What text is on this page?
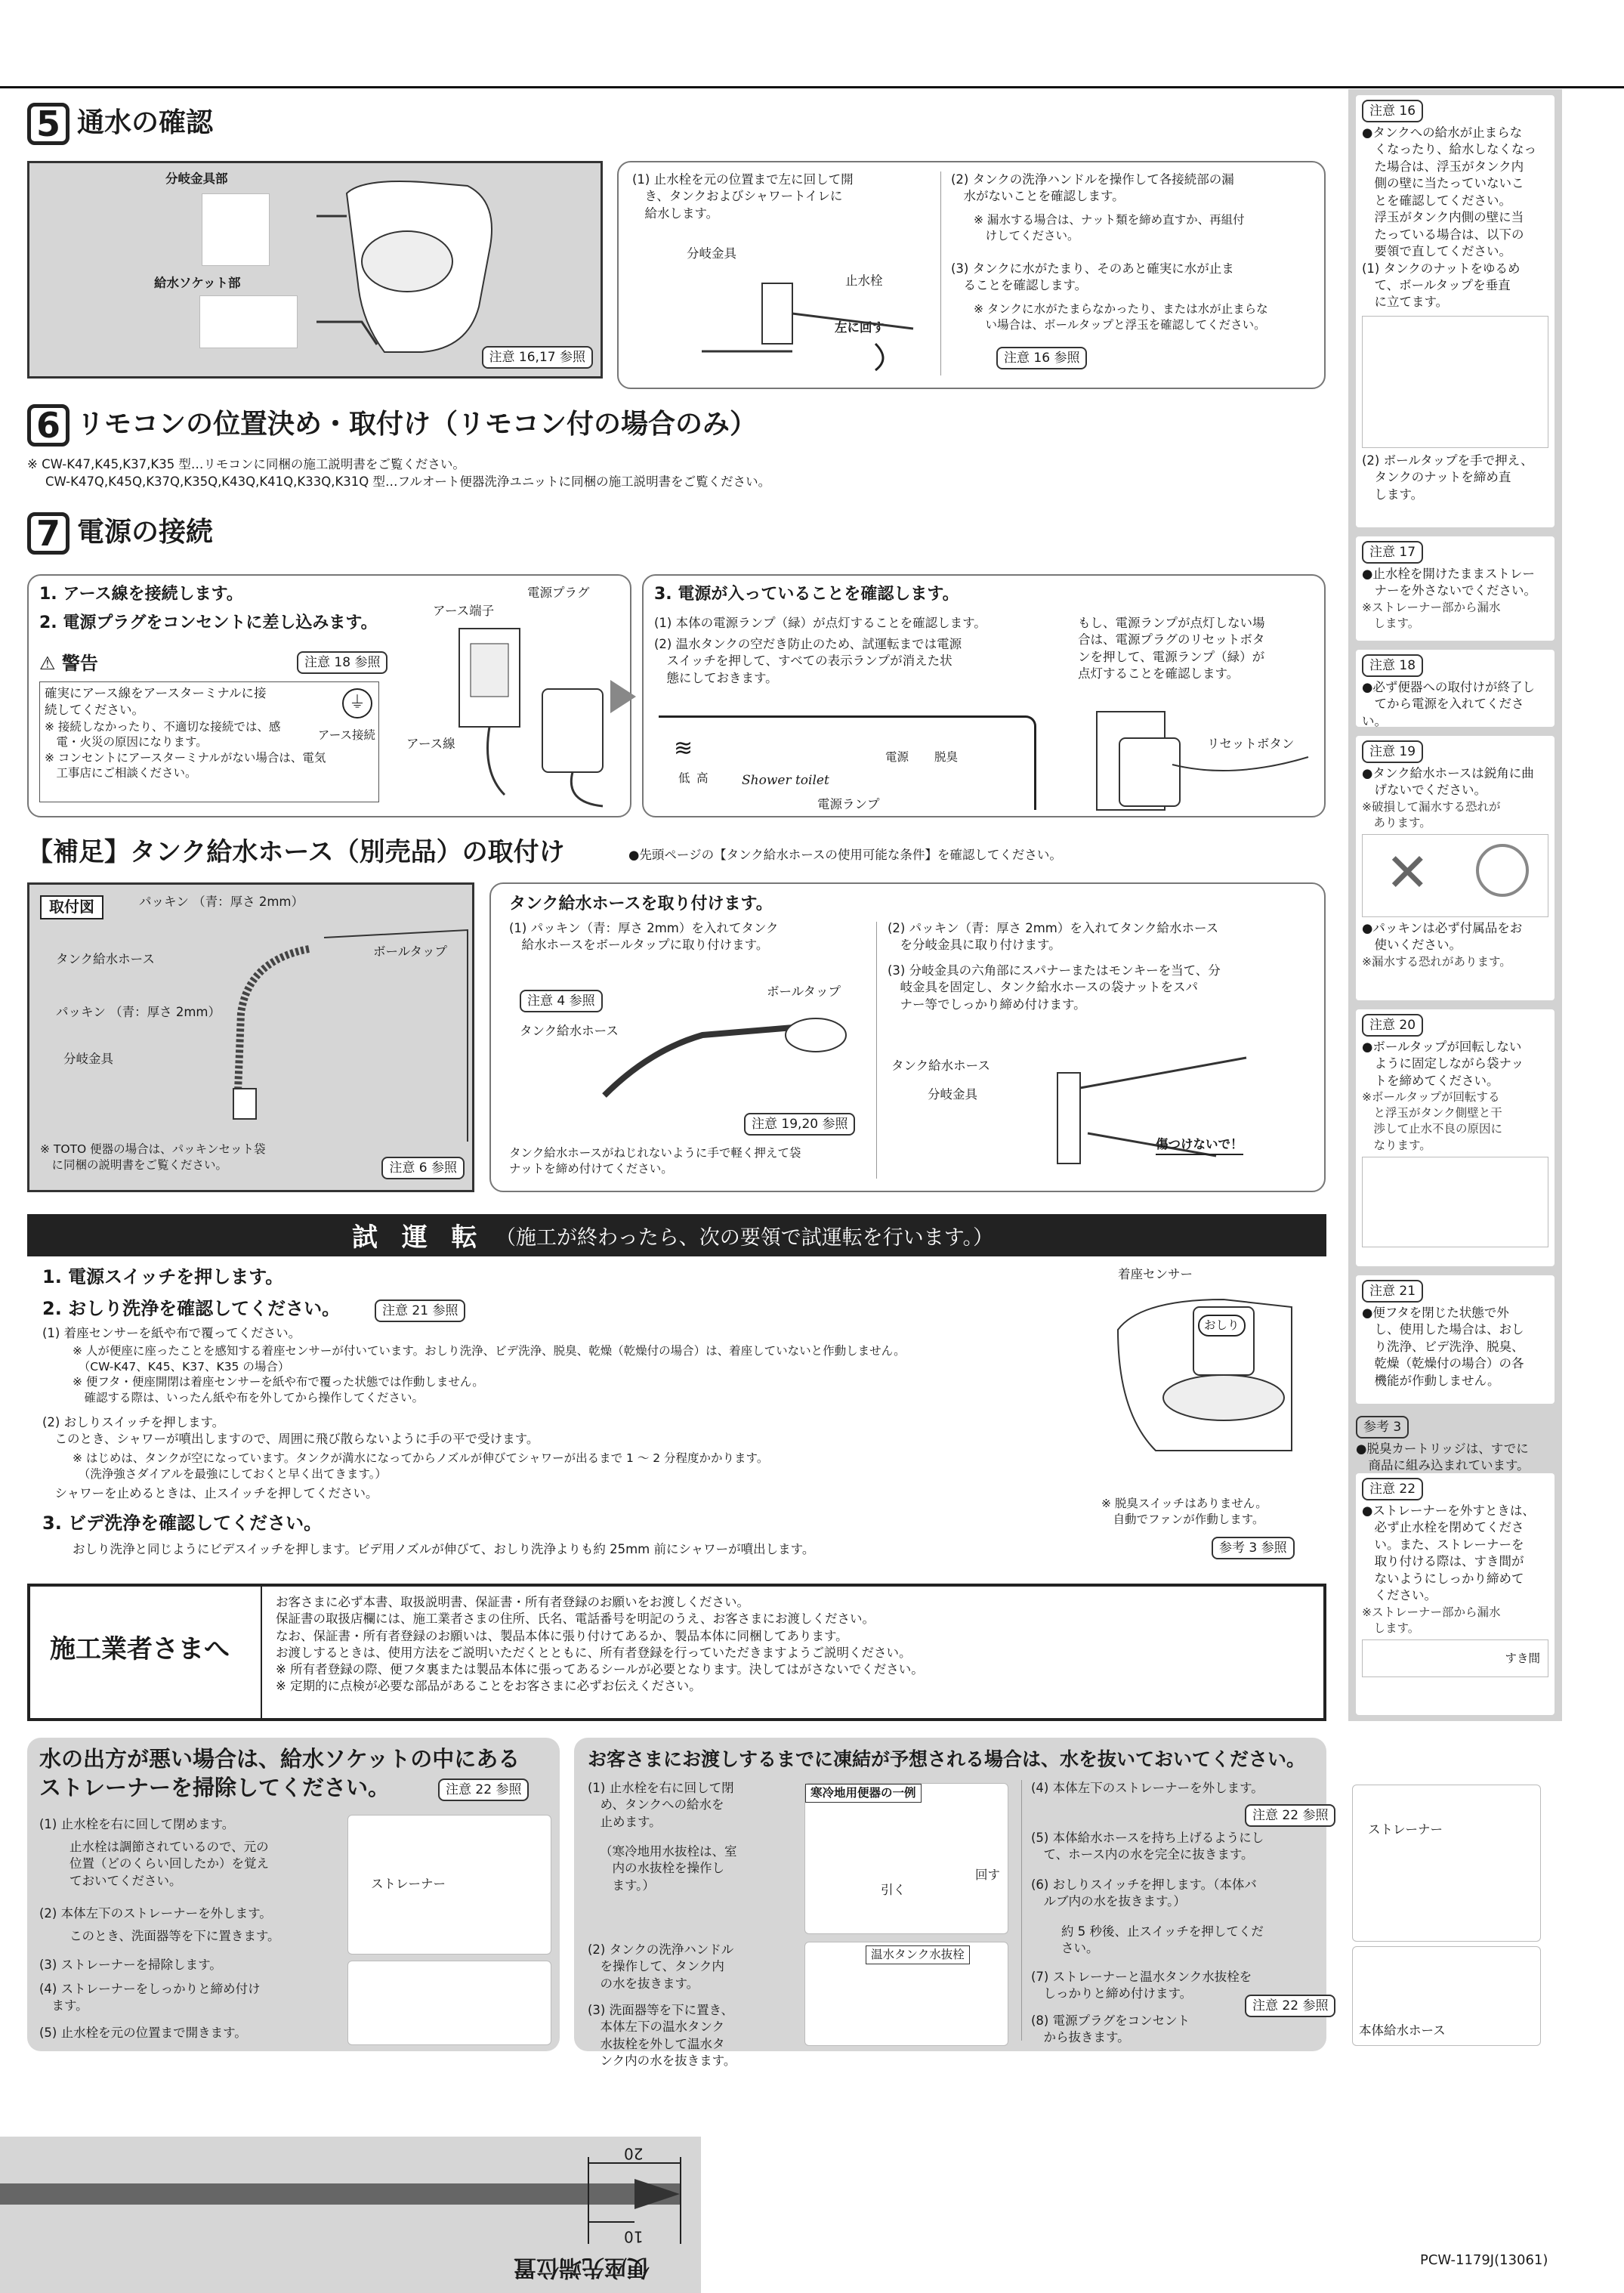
5 通水の確認
分岐金具部
給水ソケット部
注意 16,17 参照
(1) 止水栓を元の位置まで左に回して開
　き、タンクおよびシャワートイレに
　給水します。
(2) タンクの洗浄ハンドルを操作して各接続部の漏
　水がないことを確認します。
※ 漏水する場合は、ナット類を締め直すか、再組付
　けしてください。
(3) タンクに水がたまり、そのあと確実に水が止ま
　ることを確認します。
※ タンクに水がたまらなかったり、または水が止まらな
　い場合は、ボールタップと浮玉を確認してください。
分岐金具
止水栓
左に回す
注意 16 参照
6 リモコンの位置決め・取付け（リモコン付の場合のみ）
※ CW-K47,K45,K37,K35 型…リモコンに同梱の施工説明書をご覧ください。
CW-K47Q,K45Q,K37Q,K35Q,K43Q,K41Q,K33Q,K31Q 型…フルオート便器洗浄ユニットに同梱の施工説明書をご覧ください。
7 電源の接続
1. アース線を接続します。
2. 電源プラグをコンセントに差し込みます。
注意 18 参照
⚠ 警告
確実にアース線をアースターミナルに接
続してください。
※ 接続しなかったり、不適切な接続では、感
　電・火災の原因になります。
※ コンセントにアースターミナルがない場合は、電気
　工事店にご相談ください。
⏚
アース接続
アース端子
電源プラグ
アース線
3. 電源が入っていることを確認します。
(1) 本体の電源ランプ（緑）が点灯することを確認します。
(2) 温水タンクの空だき防止のため、試運転までは電源
　スイッチを押して、すべての表示ランプが消えた状
　態にしておきます。
もし、電源ランプが点灯しない場
合は、電源プラグのリセットボタ
ンを押して、電源ランプ（緑）が
点灯することを確認します。
≋
低 高	Shower toilet
電源 脱臭
電源ランプ
リセットボタン
【補足】タンク給水ホース（別売品）の取付け	●先頭ページの【タンク給水ホースの使用可能な条件】を確認してください。
取付図	パッキン （青：厚さ 2mm）
タンク給水ホース
ボールタップ
パッキン （青：厚さ 2mm）
分岐金具
※ TOTO 便器の場合は、パッキンセット袋
　に同梱の説明書をご覧ください。	注意 6 参照
タンク給水ホースを取り付けます。
(1) パッキン（青：厚さ 2mm）を入れてタンク
　給水ホースをボールタップに取り付けます。
(2) パッキン（青：厚さ 2mm）を入れてタンク給水ホース
　を分岐金具に取り付けます。
(3) 分岐金具の六角部にスパナーまたはモンキーを当て、分
　岐金具を固定し、タンク給水ホースの袋ナットをスパ
　ナー等でしっかり締め付けます。
注意 4 参照
ボールタップ
タンク給水ホース
注意 19,20 参照
タンク給水ホースがねじれないように手で軽く押えて袋
ナットを締め付けてください。
タンク給水ホース
分岐金具
傷つけないで！
試 運 転 （施工が終わったら、次の要領で試運転を行います。）
1. 電源スイッチを押します。
2. おしり洗浄を確認してください。	注意 21 参照
(1) 着座センサーを紙や布で覆ってください。
※ 人が便座に座ったことを感知する着座センサーが付いています。おしり洗浄、ビデ洗浄、脱臭、乾燥（乾燥付の場合）は、着座していないと作動しません。
　（CW-K47、K45、K37、K35 の場合）
※ 便フタ・便座開閉は着座センサーを紙や布で覆った状態では作動しません。
　確認する際は、いったん紙や布を外してから操作してください。
(2) おしりスイッチを押します。
　このとき、シャワーが噴出しますので、周囲に飛び散らないように手の平で受けます。
※ はじめは、タンクが空になっています。タンクが満水になってからノズルが伸びてシャワーが出るまで 1 ～ 2 分程度かかります。
　（洗浄強さダイアルを最強にしておくと早く出てきます。）
　シャワーを止めるときは、止スイッチを押してください。
3. ビデ洗浄を確認してください。
おしり洗浄と同じようにビデスイッチを押します。ビデ用ノズルが伸びて、おしり洗浄よりも約 25mm 前にシャワーが噴出します。
着座センサー
おしり
※ 脱臭スイッチはありません。
　自動でファンが作動します。
参考 3 参照
施工業者さまへ
お客さまに必ず本書、取扱説明書、保証書・所有者登録のお願いをお渡しください。
保証書の取扱店欄には、施工業者さまの住所、氏名、電話番号を明記のうえ、お客さまにお渡しください。
なお、保証書・所有者登録のお願いは、製品本体に張り付けてあるか、製品本体に同梱してあります。
お渡しするときは、使用方法をご説明いただくとともに、所有者登録を行っていただきますようご説明ください。
※ 所有者登録の際、便フタ裏または製品本体に張ってあるシールが必要となります。決してはがさないでください。
※ 定期的に点検が必要な部品があることをお客さまに必ずお伝えください。
水の出方が悪い場合は、給水ソケットの中にある
ストレーナーを掃除してください。	注意 22 参照
(1) 止水栓を右に回して閉めます。
止水栓は調節されているので、元の
位置（どのくらい回したか）を覚え
ておいてください。
(2) 本体左下のストレーナーを外します。
このとき、洗面器等を下に置きます。
(3) ストレーナーを掃除します。
(4) ストレーナーをしっかりと締め付け
　ます。
(5) 止水栓を元の位置まで開きます。
ストレーナー
お客さまにお渡しするまでに凍結が予想される場合は、水を抜いておいてください。
(1) 止水栓を右に回して閉
　め、タンクへの給水を
　止めます。
（寒冷地用水抜栓は、室
　内の水抜栓を操作し
　ます。）
(2) タンクの洗浄ハンドル
　を操作して、タンク内
　の水を抜きます。
(3) 洗面器等を下に置き、
　本体左下の温水タンク
　水抜栓を外して温水タ
　ンク内の水を抜きます。
寒冷地用便器の一例
引く
回す
温水タンク水抜栓
(4) 本体左下のストレーナーを外します。
注意 22 参照
(5) 本体給水ホースを持ち上げるようにし
　て、ホース内の水を完全に抜きます。
(6) おしりスイッチを押します。（本体バ
　ルブ内の水を抜きます。）
約 5 秒後、止スイッチを押してくだ
さい。
(7) ストレーナーと温水タンク水抜栓を
　しっかりと締め付けます。
注意 22 参照
(8) 電源プラグをコンセント
　から抜きます。
ストレーナー
本体給水ホース
注意 16
●タンクへの給水が止まらな
　くなったり、給水しなくなっ
　た場合は、浮玉がタンク内
　側の壁に当たっていないこ
　とを確認してください。
　浮玉がタンク内側の壁に当
　たっている場合は、以下の
　要領で直してください。
(1) タンクのナットをゆるめ
　て、ボールタップを垂直
　に立てます。
(2) ボールタップを手で押え、
　タンクのナットを締め直
　します。
注意 17
●止水栓を開けたままストレー
　ナーを外さないでください。
※ストレーナー部から漏水
　します。
注意 18
●必ず便器への取付けが終了し
　てから電源を入れてください。
注意 19
●タンク給水ホースは鋭角に曲
　げないでください。
※破損して漏水する恐れが
　あります。
✕
●パッキンは必ず付属品をお
　使いください。
※漏水する恐れがあります。
注意 20
●ボールタップが回転しない
　ように固定しながら袋ナッ
　トを締めてください。
※ボールタップが回転する
　と浮玉がタンク側壁と干
　渉して止水不良の原因に
　なります。
注意 21
●便フタを閉じた状態で外
　し、使用した場合は、おし
　り洗浄、ビデ洗浄、脱臭、
　乾燥（乾燥付の場合）の各
　機能が作動しません。
参考 3
●脱臭カートリッジは、すでに
　商品に組み込まれています。
注意 22
●ストレーナーを外すときは、
　必ず止水栓を閉めてくださ
　い。また、ストレーナーを
　取り付ける際は、すき間が
　ないようにしっかり締めて
　ください。
※ストレーナー部から漏水
　します。
すき間
20
10
便座先端位置	PCW-1179J(13061)
